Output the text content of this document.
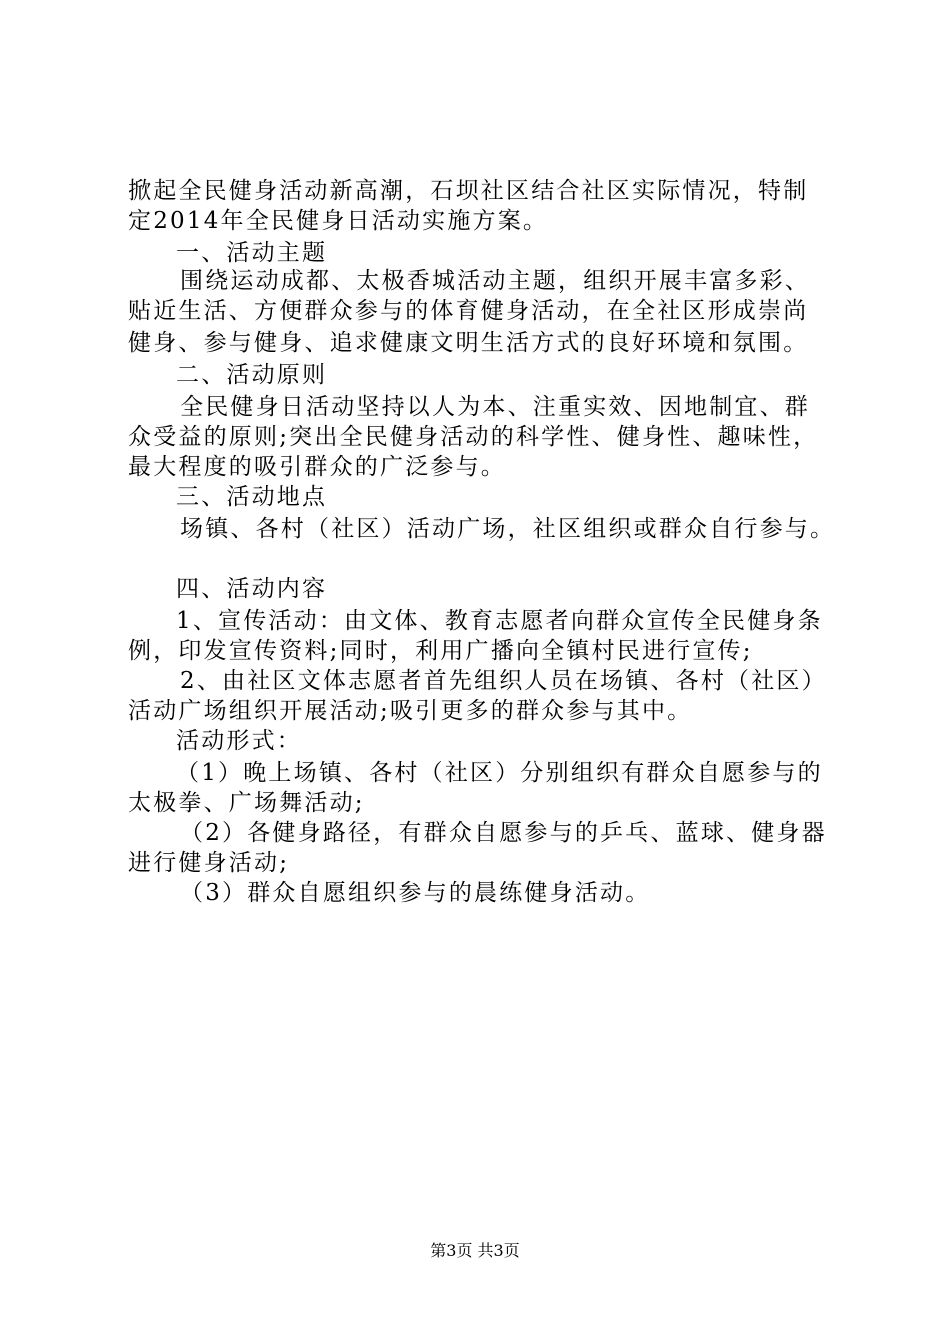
掀起全民健身活动新高潮，石坝社区结合社区实际情况，特制
定2014年全民健身日活动实施方案。
一、活动主题
围绕运动成都、太极香城活动主题，组织开展丰富多彩、
贴近生活、方便群众参与的体育健身活动，在全社区形成崇尚
健身、参与健身、追求健康文明生活方式的良好环境和氛围。
二、活动原则
全民健身日活动坚持以人为本、注重实效、因地制宜、群
众受益的原则;突出全民健身活动的科学性、健身性、趣味性，
最大程度的吸引群众的广泛参与。
三、活动地点
场镇、各村（社区）活动广场，社区组织或群众自行参与。
四、活动内容
1、宣传活动：由文体、教育志愿者向群众宣传全民健身条
例，印发宣传资料;同时，利用广播向全镇村民进行宣传;
2、由社区文体志愿者首先组织人员在场镇、各村（社区）
活动广场组织开展活动;吸引更多的群众参与其中。
活动形式：
（1）晚上场镇、各村（社区）分别组织有群众自愿参与的
太极拳、广场舞活动;
（2）各健身路径，有群众自愿参与的乒乓、蓝球、健身器
进行健身活动;
（3）群众自愿组织参与的晨练健身活动。
第3页 共3页
